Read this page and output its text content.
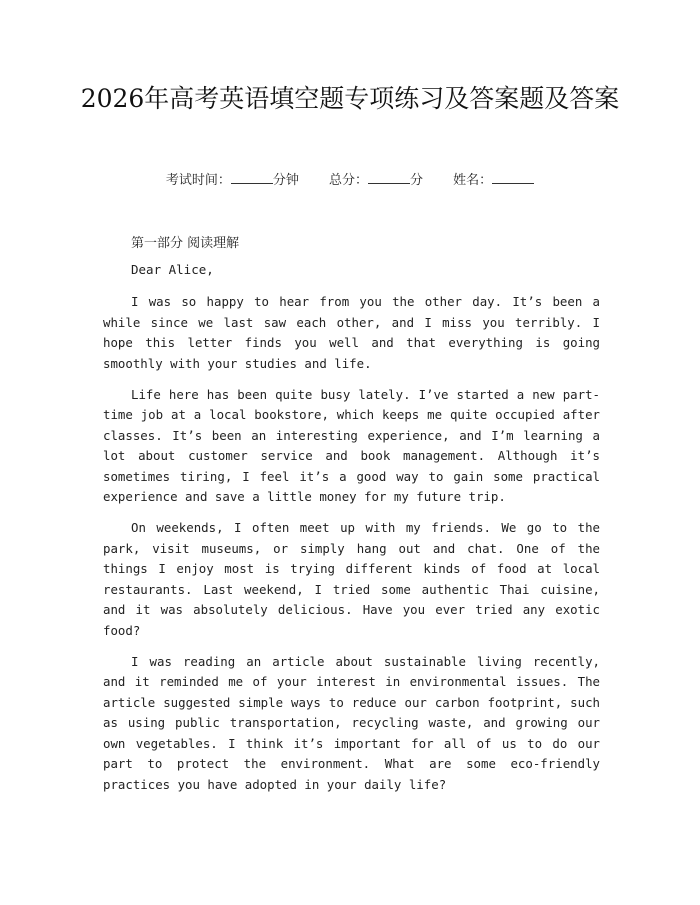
2026年高考英语填空题专项练习及答案题及答案
考试时间：	分钟 总分：	分 姓名：
第一部分 阅读理解
Dear Alice,

I was so happy to hear from you the other day. It’s been a while since we last saw each other, and I miss you terribly. I hope this letter finds you well and that everything is going smoothly with your studies and life.

Life here has been quite busy lately. I’ve started a new part-time job at a local bookstore, which keeps me quite occupied after classes. It’s been an interesting experience, and I’m learning a lot about customer service and book management. Although it’s sometimes tiring, I feel it’s a good way to gain some practical experience and save a little money for my future trip.

On weekends, I often meet up with my friends. We go to the park, visit museums, or simply hang out and chat. One of the things I enjoy most is trying different kinds of food at local restaurants. Last weekend, I tried some authentic Thai cuisine, and it was absolutely delicious. Have you ever tried any exotic food?

I was reading an article about sustainable living recently, and it reminded me of your interest in environmental issues. The article suggested simple ways to reduce our carbon footprint, such as using public transportation, recycling waste, and growing our own vegetables. I think it’s important for all of us to do our part to protect the environment. What are some eco-friendly practices you have adopted in your daily life?
